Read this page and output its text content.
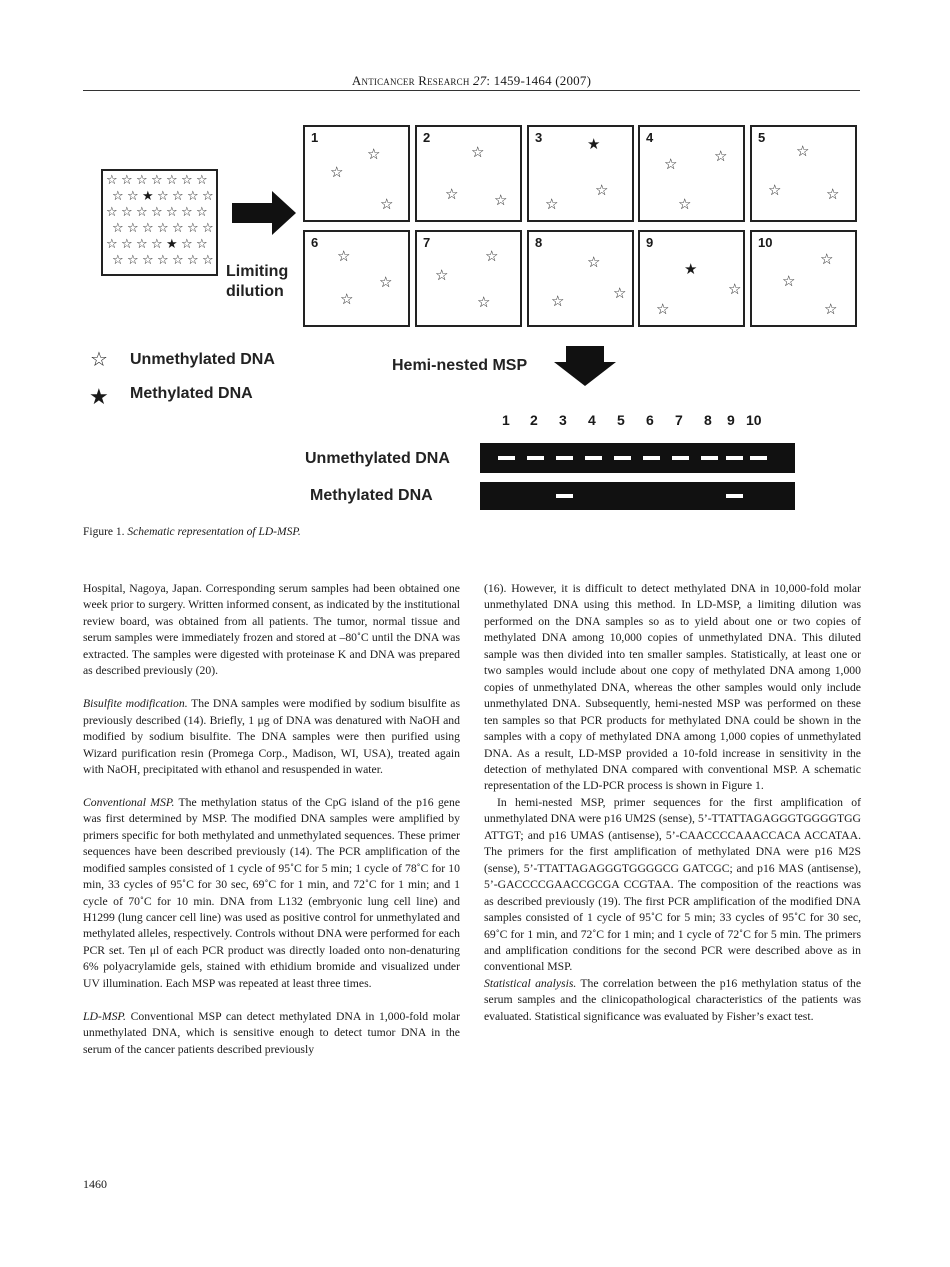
Anticancer Research 27: 1459-1464 (2007)
☆ ☆ ☆ ☆ ☆ ☆ ☆
☆ ☆ ★ ☆ ☆ ☆ ☆
☆ ☆ ☆ ☆ ☆ ☆ ☆
☆ ☆ ☆ ☆ ☆ ☆ ☆
☆ ☆ ☆ ☆ ★ ☆ ☆
☆ ☆ ☆ ☆ ☆ ☆ ☆
Limiting
dilution
1
☆
☆
☆
2
☆
☆ ☆
3	★
☆
☆
4
☆ ☆
☆
5
☆
☆	☆
6
☆
☆
☆
7
☆
☆
☆
8
☆
☆
☆
9
★
☆
☆
10
☆
☆
☆
☆ Unmethylated DNA
★ Methylated DNA
Hemi-nested MSP
1 2 3 4 5 6 7 8 9 10
Unmethylated DNA
Methylated DNA
Figure 1. Schematic representation of LD-MSP.

Hospital, Nagoya, Japan. Corresponding serum samples had been obtained one week prior to surgery. Written informed consent, as indicated by the institutional review board, was obtained from all patients. The tumor, normal tissue and serum samples were immediately frozen and stored at –80˚C until the DNA was extracted. The samples were digested with proteinase K and DNA was prepared as described previously (20).

Bisulfite modification. The DNA samples were modified by sodium bisulfite as previously described (14). Briefly, 1 μg of DNA was denatured with NaOH and modified by sodium bisulfite. The DNA samples were then purified using Wizard purification resin (Promega Corp., Madison, WI, USA), treated again with NaOH, precipitated with ethanol and resuspended in water.

Conventional MSP. The methylation status of the CpG island of the p16 gene was first determined by MSP. The modified DNA samples were amplified by primers specific for both methylated and unmethylated sequences. These primer sequences have been described previously (14). The PCR amplification of the modified samples consisted of 1 cycle of 95˚C for 5 min; 1 cycle of 78˚C for 10 min, 33 cycles of 95˚C for 30 sec, 69˚C for 1 min, and 72˚C for 1 min; and 1 cycle of 70˚C for 10 min. DNA from L132 (embryonic lung cell line) and H1299 (lung cancer cell line) was used as positive control for unmethylated and methylated alleles, respectively. Controls without DNA were performed for each PCR set. Ten μl of each PCR product was directly loaded onto non-denaturing 6% polyacrylamide gels, stained with ethidium bromide and visualized under UV illumination. Each MSP was repeated at least three times.

LD-MSP. Conventional MSP can detect methylated DNA in 1,000-fold molar unmethylated DNA, which is sensitive enough to detect tumor DNA in the serum of the cancer patients described previously

(16). However, it is difficult to detect methylated DNA in 10,000-fold molar unmethylated DNA using this method. In LD-MSP, a limiting dilution was performed on the DNA samples so as to yield about one or two copies of methylated DNA among 10,000 copies of unmethylated DNA. This diluted sample was then divided into ten smaller samples. Statistically, at least one or two samples would include about one copy of methylated DNA among 1,000 copies of unmethylated DNA, whereas the other samples would only include unmethylated DNA. Subsequently, hemi-nested MSP was performed on these ten samples so that PCR products for methylated DNA could be shown in the samples with a copy of methylated DNA among 1,000 copies of unmethylated DNA. As a result, LD-MSP provided a 10-fold increase in sensitivity in the detection of methylated DNA compared with conventional MSP. A schematic representation of the LD-PCR process is shown in Figure 1.

In hemi-nested MSP, primer sequences for the first amplification of unmethylated DNA were p16 UM2S (sense), 5’-TTATTAGAGGGTGGGGTGG ATTGT; and p16 UMAS (antisense), 5’-CAACCCCAAACCACA ACCATAA. The primers for the first amplification of methylated DNA were p16 M2S (sense), 5’-TTATTAGAGGGTGGGGCG GATCGC; and p16 MAS (antisense), 5’-GACCCCGAACCGCGA CCGTAA. The composition of the reactions was as described previously (19). The first PCR amplification of the modified DNA samples consisted of 1 cycle of 95˚C for 5 min; 33 cycles of 95˚C for 30 sec, 69˚C for 1 min, and 72˚C for 1 min; and 1 cycle of 72˚C for 5 min. The primers and amplification conditions for the second PCR were described above as in conventional MSP.

Statistical analysis. The correlation between the p16 methylation status of the serum samples and the clinicopathological characteristics of the patients was evaluated. Statistical significance was evaluated by Fisher’s exact test.

1460
